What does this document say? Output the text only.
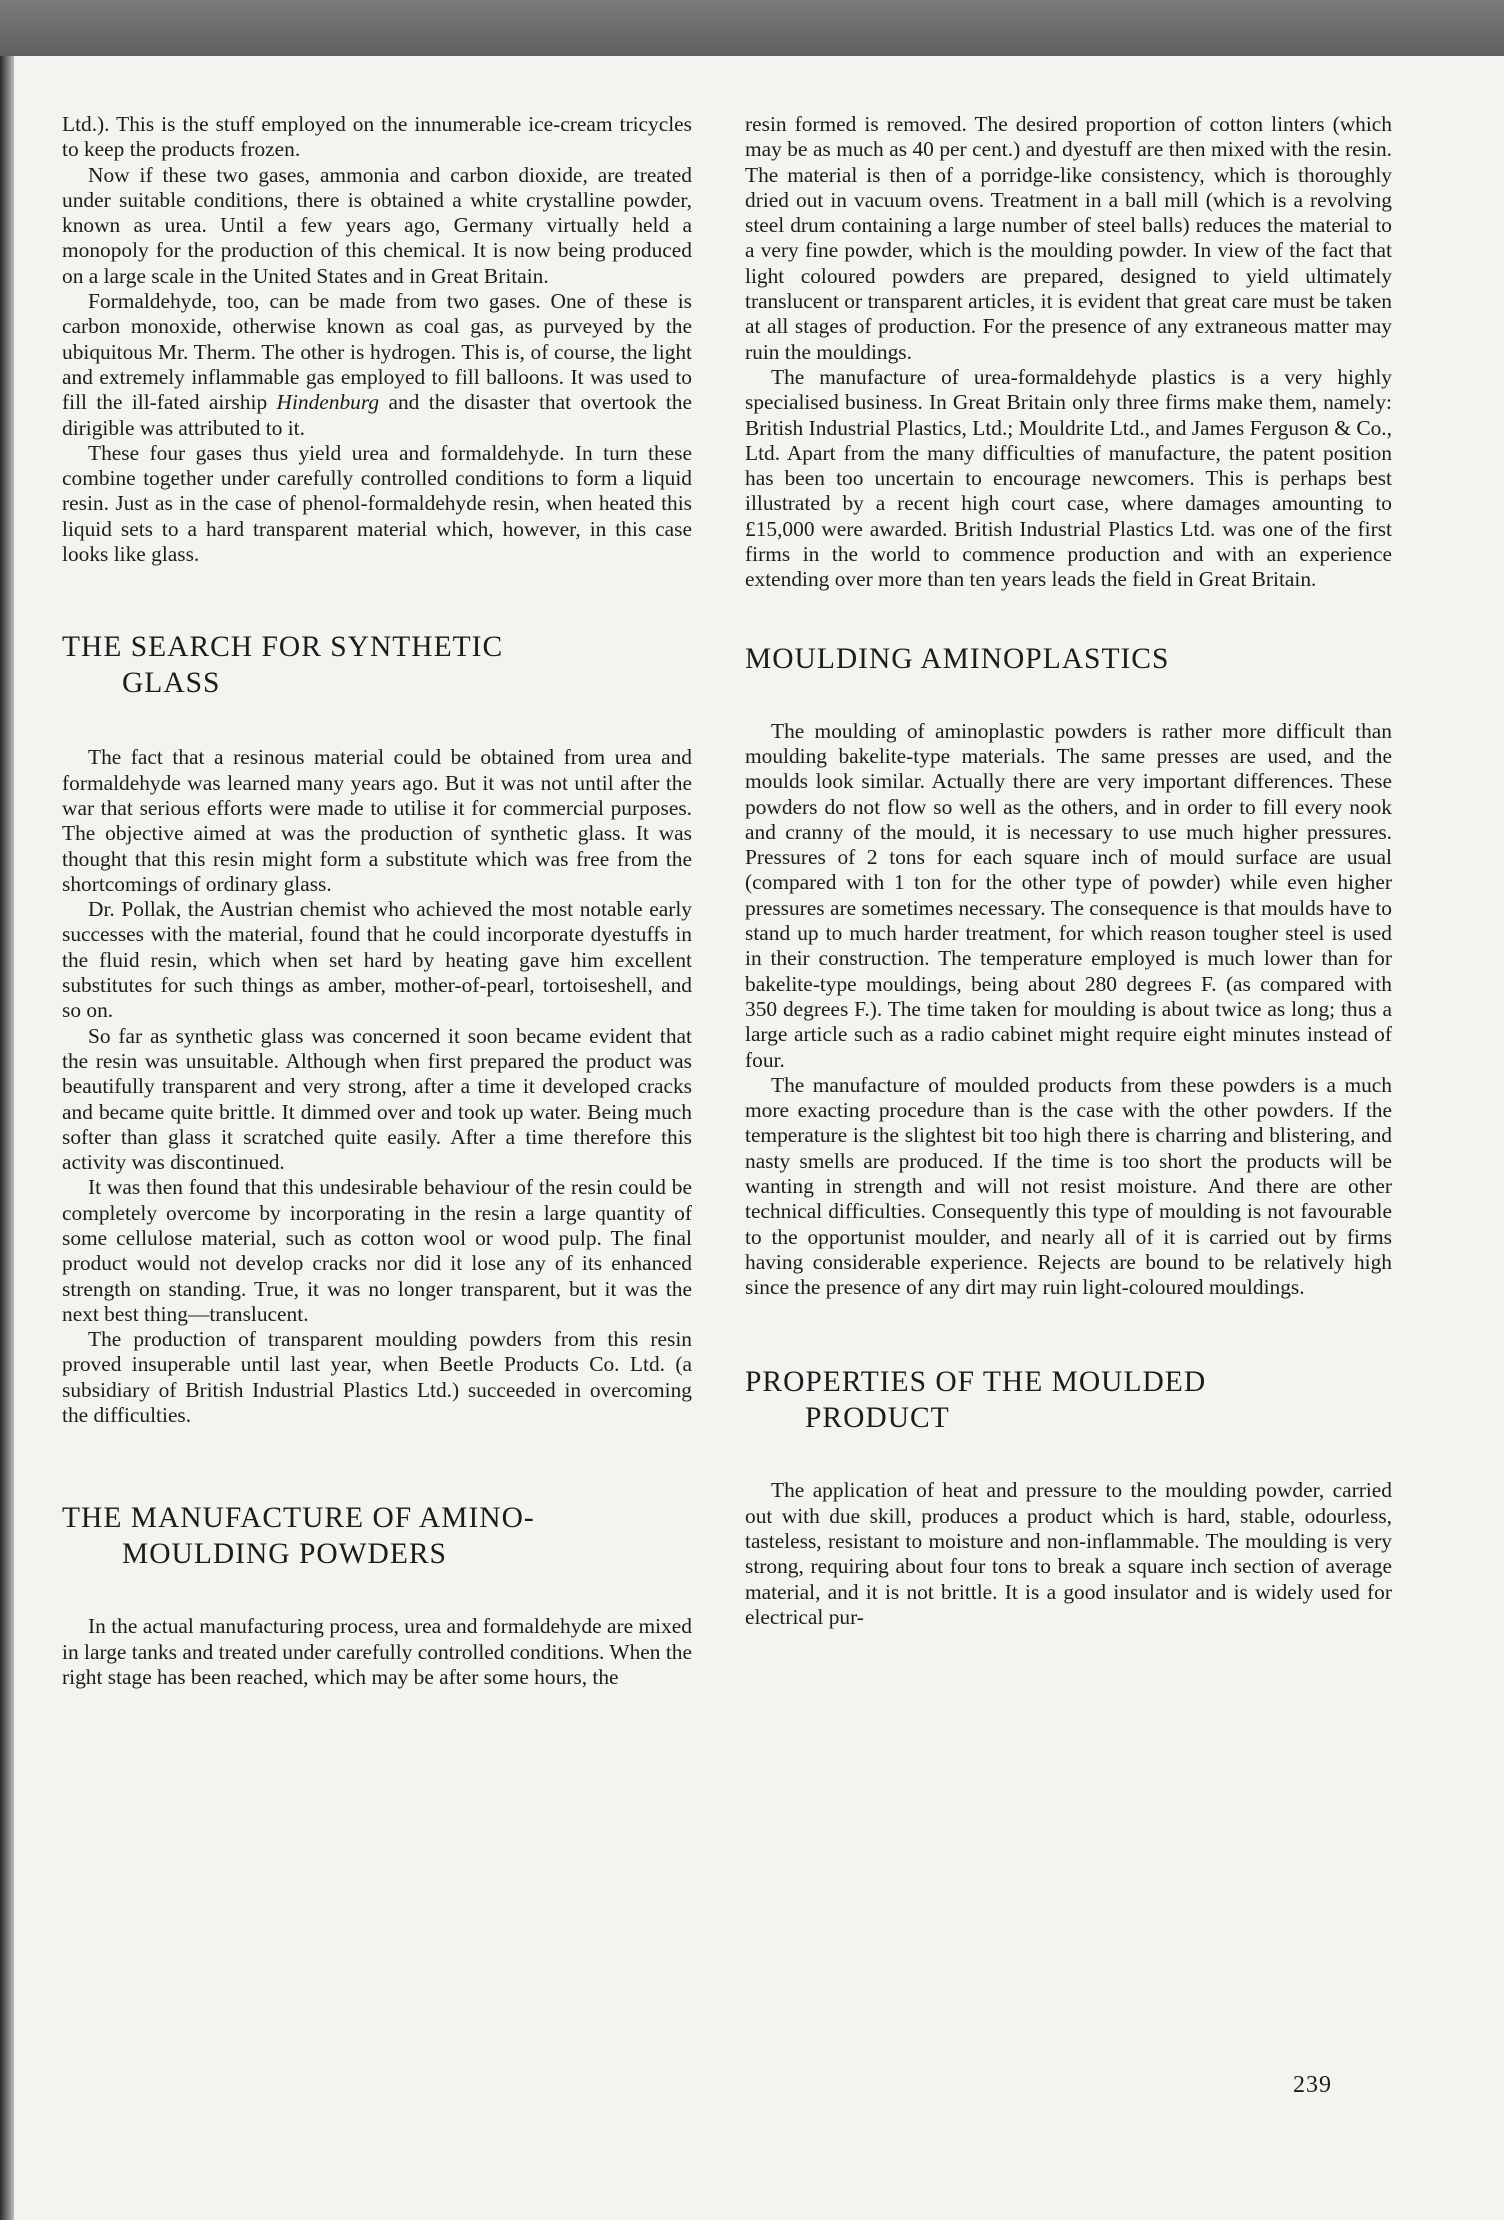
Ltd.). This is the stuff employed on the innumerable ice-cream tricycles to keep the products frozen.

Now if these two gases, ammonia and carbon dioxide, are treated under suitable conditions, there is obtained a white crystalline powder, known as urea. Until a few years ago, Germany virtually held a monopoly for the production of this chemical. It is now being produced on a large scale in the United States and in Great Britain.

Formaldehyde, too, can be made from two gases. One of these is carbon monoxide, otherwise known as coal gas, as purveyed by the ubiquitous Mr. Therm. The other is hydrogen. This is, of course, the light and extremely inflammable gas employed to fill balloons. It was used to fill the ill-fated airship Hindenburg and the disaster that overtook the dirigible was attributed to it.

These four gases thus yield urea and formaldehyde. In turn these combine together under carefully controlled conditions to form a liquid resin. Just as in the case of phenol-formaldehyde resin, when heated this liquid sets to a hard transparent material which, however, in this case looks like glass.

THE SEARCH FOR SYNTHETIC
GLASS

The fact that a resinous material could be obtained from urea and formaldehyde was learned many years ago. But it was not until after the war that serious efforts were made to utilise it for commercial purposes. The objective aimed at was the production of synthetic glass. It was thought that this resin might form a substitute which was free from the shortcomings of ordinary glass.

Dr. Pollak, the Austrian chemist who achieved the most notable early successes with the material, found that he could incorporate dyestuffs in the fluid resin, which when set hard by heating gave him excellent substitutes for such things as amber, mother-of-pearl, tortoiseshell, and so on.

So far as synthetic glass was concerned it soon became evident that the resin was unsuitable. Although when first prepared the product was beautifully transparent and very strong, after a time it developed cracks and became quite brittle. It dimmed over and took up water. Being much softer than glass it scratched quite easily. After a time therefore this activity was discontinued.

It was then found that this undesirable behaviour of the resin could be completely overcome by incorporating in the resin a large quantity of some cellulose material, such as cotton wool or wood pulp. The final product would not develop cracks nor did it lose any of its enhanced strength on standing. True, it was no longer transparent, but it was the next best thing—translucent.

The production of transparent moulding powders from this resin proved insuperable until last year, when Beetle Products Co. Ltd. (a subsidiary of British Industrial Plastics Ltd.) succeeded in overcoming the difficulties.

THE MANUFACTURE OF AMINO-
MOULDING POWDERS

In the actual manufacturing process, urea and formaldehyde are mixed in large tanks and treated under carefully controlled conditions. When the right stage has been reached, which may be after some hours, the

resin formed is removed. The desired proportion of cotton linters (which may be as much as 40 per cent.) and dyestuff are then mixed with the resin. The material is then of a porridge-like consistency, which is thoroughly dried out in vacuum ovens. Treatment in a ball mill (which is a revolving steel drum containing a large number of steel balls) reduces the material to a very fine powder, which is the moulding powder. In view of the fact that light coloured powders are prepared, designed to yield ultimately translucent or transparent articles, it is evident that great care must be taken at all stages of production. For the presence of any extraneous matter may ruin the mouldings.

The manufacture of urea-formaldehyde plastics is a very highly specialised business. In Great Britain only three firms make them, namely: British Industrial Plastics, Ltd.; Mouldrite Ltd., and James Ferguson & Co., Ltd. Apart from the many difficulties of manufacture, the patent position has been too uncertain to encourage newcomers. This is perhaps best illustrated by a recent high court case, where damages amounting to £15,000 were awarded. British Industrial Plastics Ltd. was one of the first firms in the world to commence production and with an experience extending over more than ten years leads the field in Great Britain.

MOULDING AMINOPLASTICS

The moulding of aminoplastic powders is rather more difficult than moulding bakelite-type materials. The same presses are used, and the moulds look similar. Actually there are very important differences. These powders do not flow so well as the others, and in order to fill every nook and cranny of the mould, it is necessary to use much higher pressures. Pressures of 2 tons for each square inch of mould surface are usual (compared with 1 ton for the other type of powder) while even higher pressures are sometimes necessary. The consequence is that moulds have to stand up to much harder treatment, for which reason tougher steel is used in their construction. The temperature employed is much lower than for bakelite-type mouldings, being about 280 degrees F. (as compared with 350 degrees F.). The time taken for moulding is about twice as long; thus a large article such as a radio cabinet might require eight minutes instead of four.

The manufacture of moulded products from these powders is a much more exacting procedure than is the case with the other powders. If the temperature is the slightest bit too high there is charring and blistering, and nasty smells are produced. If the time is too short the products will be wanting in strength and will not resist moisture. And there are other technical difficulties. Consequently this type of moulding is not favourable to the opportunist moulder, and nearly all of it is carried out by firms having considerable experience. Rejects are bound to be relatively high since the presence of any dirt may ruin light-coloured mouldings.

PROPERTIES OF THE MOULDED
PRODUCT

The application of heat and pressure to the moulding powder, carried out with due skill, produces a product which is hard, stable, odourless, tasteless, resistant to moisture and non-inflammable. The moulding is very strong, requiring about four tons to break a square inch section of average material, and it is not brittle. It is a good insulator and is widely used for electrical pur-

239
